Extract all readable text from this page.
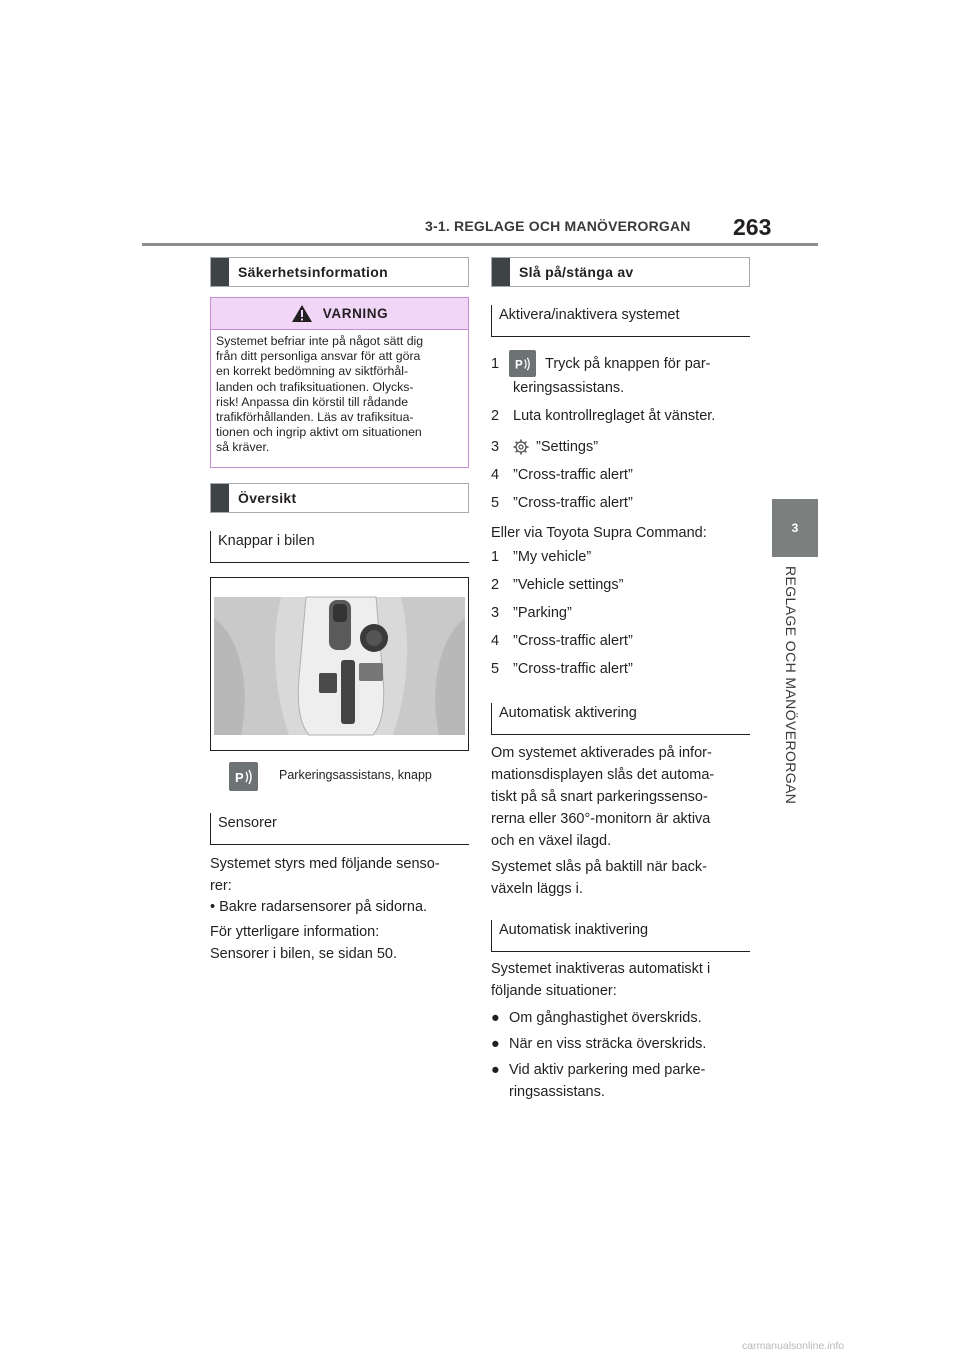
3-1. REGLAGE OCH MANÖVERORGAN 263
3
REGLAGE OCH MANÖVERORGAN
Säkerhetsinformation
VARNING
Systemet befriar inte på något sätt dig
från ditt personliga ansvar för att göra
en korrekt bedömning av siktförhål-
landen och trafiksituationen. Olycks-
risk! Anpassa din körstil till rådande
trafikförhållanden. Läs av trafiksitua-
tionen och ingrip aktivt om situationen
så kräver.
Översikt
Knappar i bilen
P	Parkeringsassistans, knapp
Sensorer
Systemet styrs med följande senso-
rer:
• Bakre radarsensorer på sidorna.
För ytterligare information:
Sensorer i bilen, se sidan 50.
Slå på/stänga av
Aktivera/inaktivera systemet
1	P Tryck på knappen för par-
keringsassistans.
2 Luta kontrollreglaget åt vänster.
3	”Settings”
4 ”Cross-traffic alert”
5 ”Cross-traffic alert”
Eller via Toyota Supra Command:
1 ”My vehicle”
2 ”Vehicle settings”
3 ”Parking”
4 ”Cross-traffic alert”
5 ”Cross-traffic alert”
Automatisk aktivering
Om systemet aktiverades på infor-
mationsdisplayen slås det automa-
tiskt på så snart parkeringssenso-
rerna eller 360°-monitorn är aktiva
och en växel ilagd.
Systemet slås på baktill när back-
växeln läggs i.
Automatisk inaktivering
Systemet inaktiveras automatiskt i
följande situationer:
● Om gånghastighet överskrids.
● När en viss sträcka överskrids.
● Vid aktiv parkering med parke-
ringsassistans.
carmanualsonline.info
